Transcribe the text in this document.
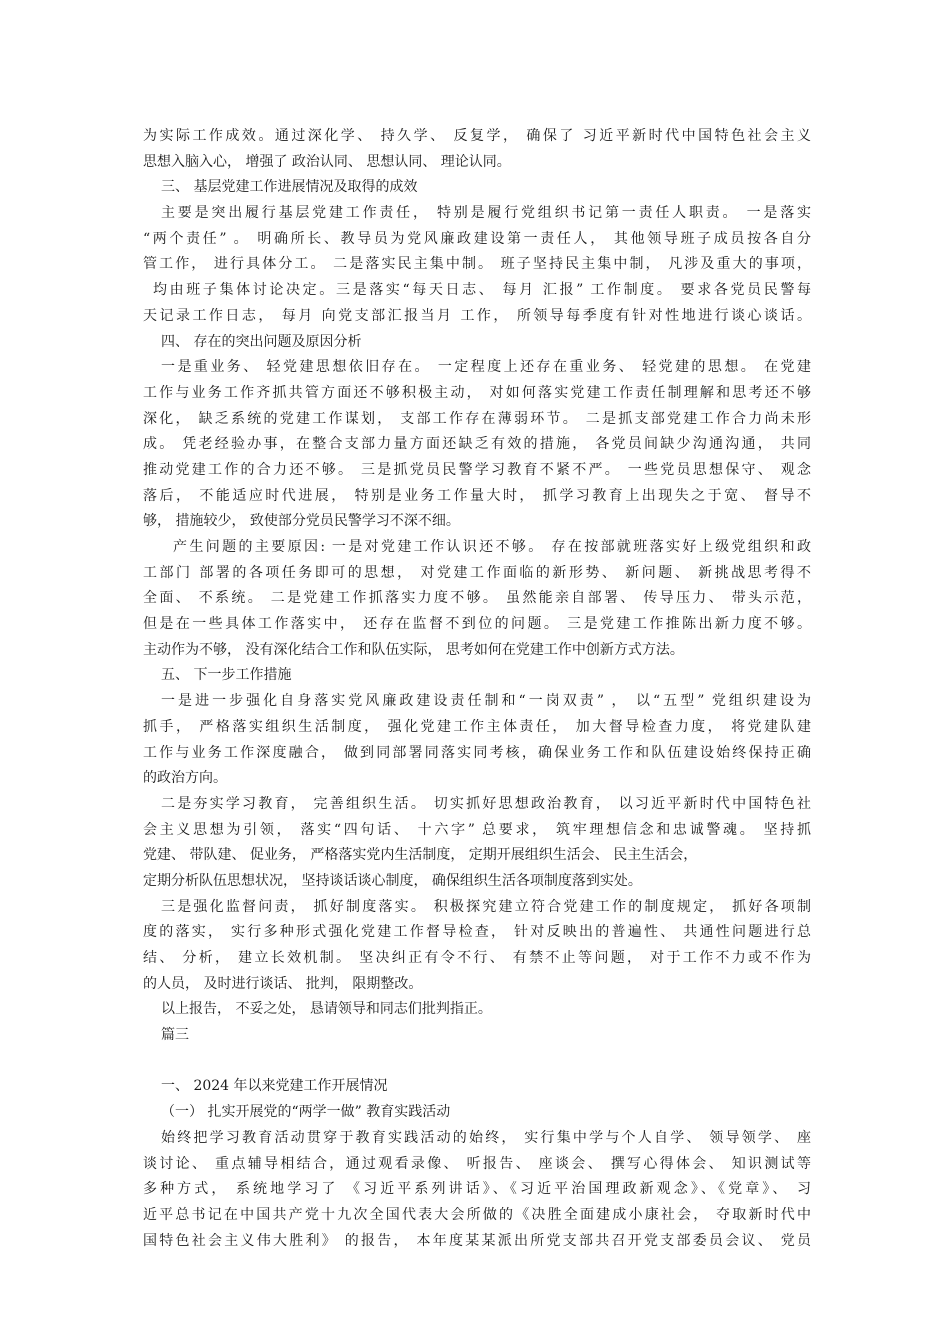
为实际工作成效。通过深化学、 持久学、 反复学， 确保了 习近平新时代中国特色社会主义
思想入脑入心， 增强了 政治认同、 思想认同、 理论认同。
三、 基层党建工作进展情况及取得的成效
主要是突出履行基层党建工作责任， 特别是履行党组织书记第一责任人职责。 一是落实
“两个责任” 。 明确所长、教导员为党风廉政建设第一责任人， 其他领导班子成员按各自分
管工作， 进行具体分工。 二是落实民主集中制。 班子坚持民主集中制， 凡涉及重大的事项，
均由班子集体讨论决定。三是落实“每天日志、 每月 汇报” 工作制度。 要求各党员民警每
天记录工作日志， 每月 向党支部汇报当月 工作， 所领导每季度有针对性地进行谈心谈话。
四、 存在的突出问题及原因分析
一是重业务、 轻党建思想依旧存在。 一定程度上还存在重业务、 轻党建的思想。 在党建
工作与业务工作齐抓共管方面还不够积极主动， 对如何落实党建工作责任制理解和思考还不够
深化， 缺乏系统的党建工作谋划， 支部工作存在薄弱环节。 二是抓支部党建工作合力尚未形
成。 凭老经验办事，在整合支部力量方面还缺乏有效的措施， 各党员间缺少沟通沟通， 共同
推动党建工作的合力还不够。 三是抓党员民警学习教育不紧不严。 一些党员思想保守、 观念
落后， 不能适应时代进展， 特别是业务工作量大时， 抓学习教育上出现失之于宽、 督导不
够， 措施较少， 致使部分党员民警学习不深不细。
产生问题的主要原因: 一是对党建工作认识还不够。 存在按部就班落实好上级党组织和政
工部门 部署的各项任务即可的思想， 对党建工作面临的新形势、 新问题、 新挑战思考得不
全面、 不系统。 二是党建工作抓落实力度不够。 虽然能亲自部署、 传导压力、 带头示范，
但是在一些具体工作落实中， 还存在监督不到位的问题。 三是党建工作推陈出新力度不够。
主动作为不够， 没有深化结合工作和队伍实际， 思考如何在党建工作中创新方式方法。
五、 下一步工作措施
一是进一步强化自身落实党风廉政建设责任制和“一岗双责” ， 以“五型” 党组织建设为
抓手， 严格落实组织生活制度， 强化党建工作主体责任， 加大督导检查力度， 将党建队建
工作与业务工作深度融合， 做到同部署同落实同考核，确保业务工作和队伍建设始终保持正确
的政治方向。
二是夯实学习教育， 完善组织生活。 切实抓好思想政治教育， 以习近平新时代中国特色社
会主义思想为引领， 落实“四句话、 十六字” 总要求， 筑牢理想信念和忠诚警魂。 坚持抓
党建、 带队建、 促业务， 严格落实党内生活制度， 定期开展组织生活会、 民主生活会，
定期分析队伍思想状况， 坚持谈话谈心制度， 确保组织生活各项制度落到实处。
三是强化监督问责， 抓好制度落实。 积极探究建立符合党建工作的制度规定， 抓好各项制
度的落实， 实行多种形式强化党建工作督导检查， 针对反映出的普遍性、 共通性问题进行总
结、 分析， 建立长效机制。 坚决纠正有令不行、 有禁不止等问题， 对于工作不力或不作为
的人员， 及时进行谈话、 批判， 限期整改。
以上报告， 不妥之处， 恳请领导和同志们批判指正。
篇三
一、 2024 年以来党建工作开展情况
（一） 扎实开展党的“两学一做” 教育实践活动
始终把学习教育活动贯穿于教育实践活动的始终， 实行集中学与个人自学、 领导领学、 座
谈讨论、 重点辅导相结合，通过观看录像、 听报告、 座谈会、 撰写心得体会、 知识测试等
多种方式， 系统地学习了 《习近平系列讲话》、《习近平治国理政新观念》、《党章》、 习
近平总书记在中国共产党十九次全国代表大会所做的《决胜全面建成小康社会， 夺取新时代中
国特色社会主义伟大胜利》 的报告， 本年度某某派出所党支部共召开党支部委员会议、 党员
